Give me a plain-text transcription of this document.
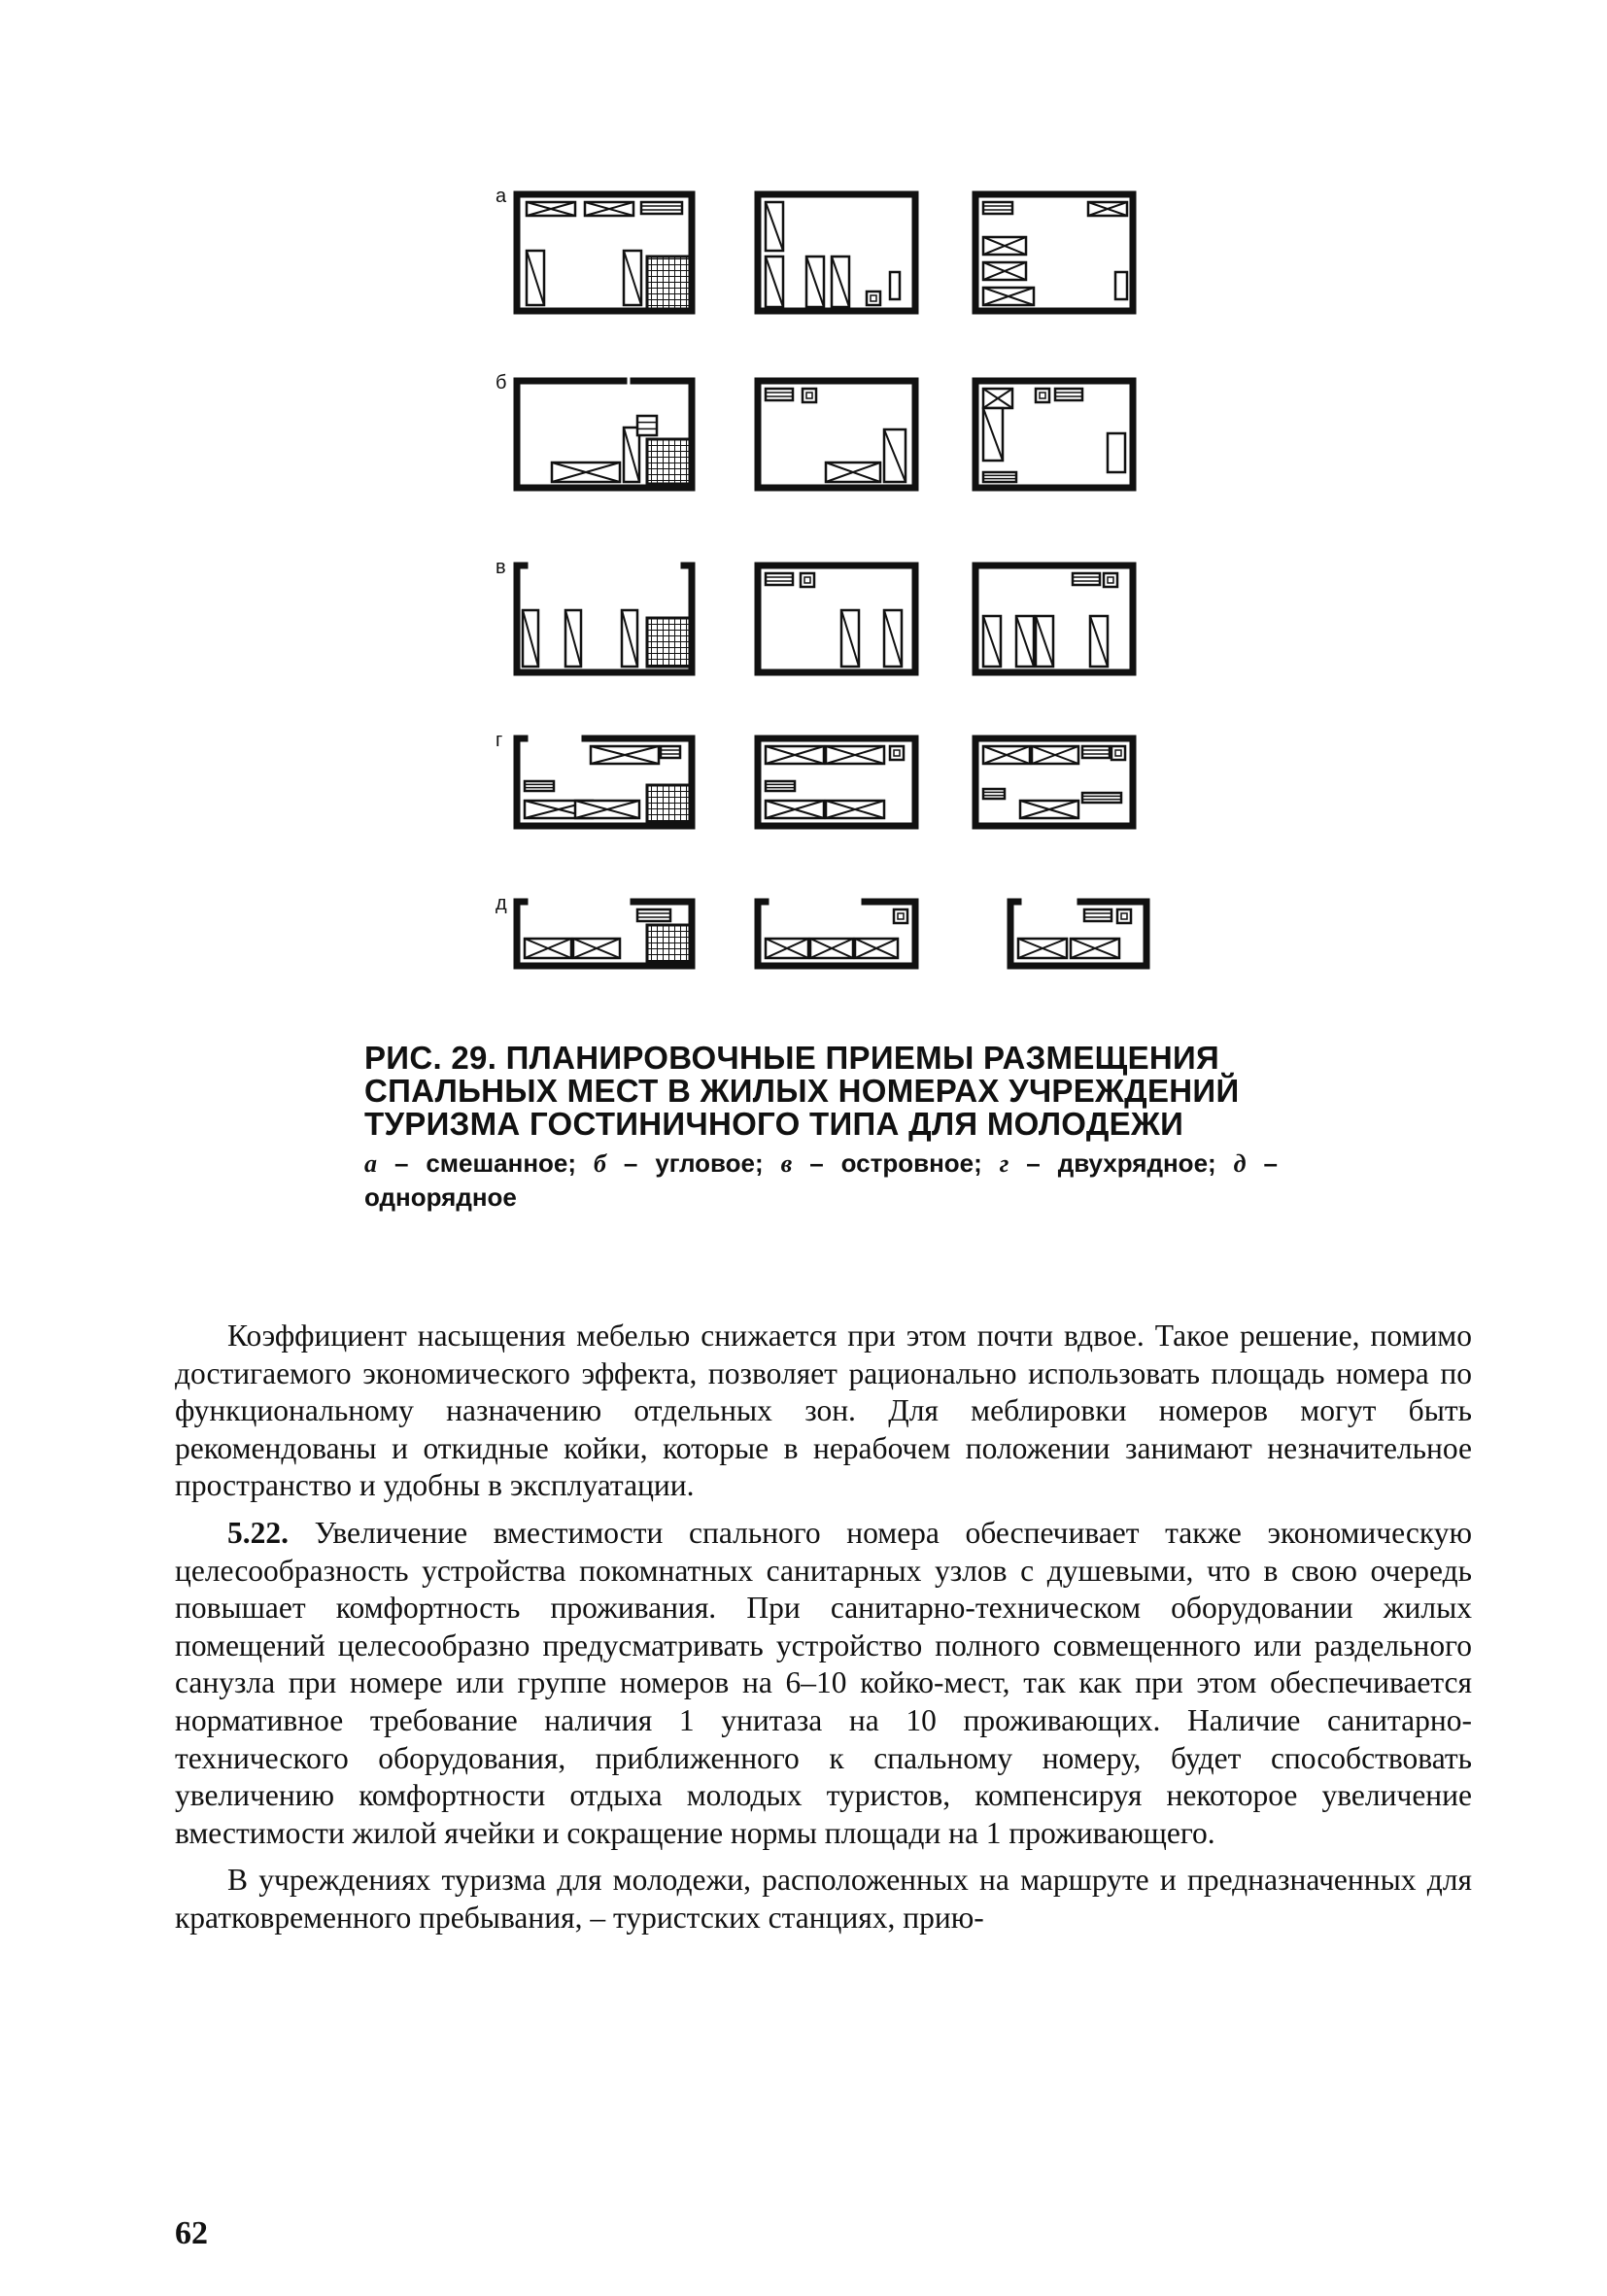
а
б
в
г
д
РИС. 29. ПЛАНИРОВОЧНЫЕ ПРИЕМЫ РАЗМЕЩЕНИЯ СПАЛЬНЫХ МЕСТ В ЖИЛЫХ НОМЕРАХ УЧРЕЖДЕНИЙ ТУРИЗМА ГОСТИНИЧНОГО ТИПА ДЛЯ МОЛОДЕЖИ
а – смешанное; б – угловое; в – островное; г – двухрядное; д – однорядное

Коэффициент насыщения мебелью снижается при этом почти вдвое. Такое решение, помимо достигаемого экономического эффекта, позволяет рационально использовать площадь номера по функциональному назначению отдельных зон. Для меблировки номеров могут быть рекомендованы и откидные койки, которые в нерабочем положении занимают незначительное пространство и удобны в эксплуатации.

5.22. Увеличение вместимости спального номера обеспечивает также экономическую целесообразность устройства покомнатных санитарных узлов с душевыми, что в свою очередь повышает комфортность проживания. При санитарно-техническом оборудовании жилых помещений целесообразно предусматривать устройство полного совмещенного или раздельного санузла при номере или группе номеров на 6–10 койко-мест, так как при этом обеспечивается нормативное требование наличия 1 унитаза на 10 проживающих. Наличие санитарно-технического оборудования, приближенного к спальному номеру, будет способствовать увеличению комфортности отдыха молодых туристов, компенсируя некоторое увеличение вместимости жилой ячейки и сокращение нормы площади на 1 проживающего.

В учреждениях туризма для молодежи, расположенных на маршруте и предназначенных для кратковременного пребывания, – туристских станциях, прию-

62
